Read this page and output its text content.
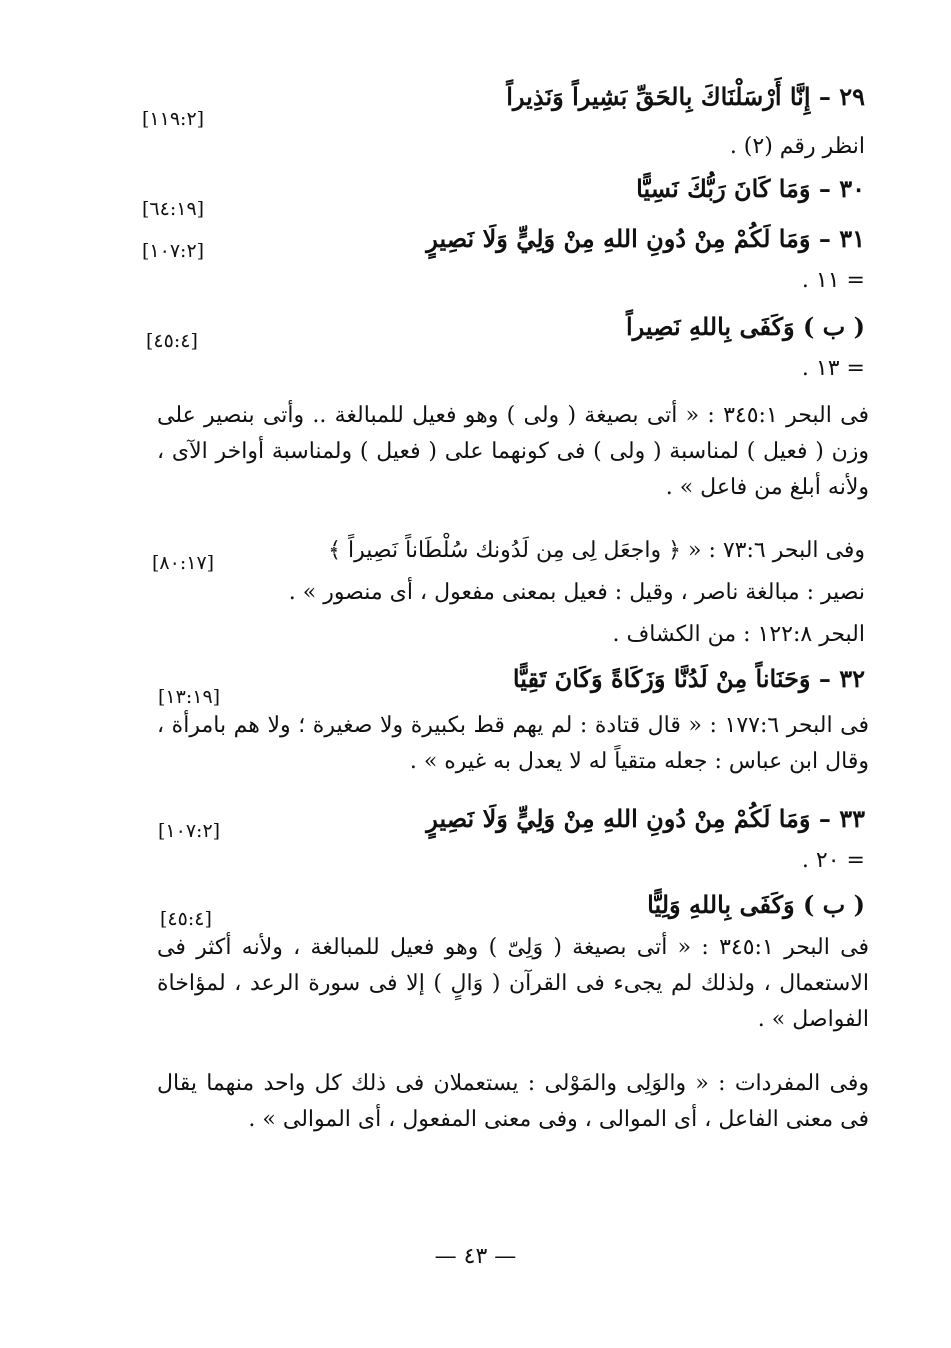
٢٩ – إِنَّا أَرْسَلْنَاكَ بِالحَقِّ بَشِيراً وَنَذِيراً
[١١٩:٢]
انظر رقم (٢) .
٣٠ – وَمَا كَانَ رَبُّكَ نَسِيًّا
[٦٤:١٩]
٣١ – وَمَا لَكُمْ مِنْ دُونِ اللهِ مِنْ وَلِيٍّ وَلَا نَصِيرٍ
[١٠٧:٢]
= ١١ .
( ب ) وَكَفَى بِاللهِ نَصِيراً
[٤٥:٤]
= ١٣ .
فى البحر ٣٤٥:١ : « أتى بصيغة ( ولى ) وهو فعيل للمبالغة .. وأتى بنصير على وزن ( فعيل ) لمناسبة ( ولى ) فى كونهما على ( فعيل ) ولمناسبة أواخر الآى ، ولأنه أبلغ من فاعل » .
وفى البحر ٧٣:٦ : « ﴿ واجعَل لِى مِن لَدُونك سُلْطَاناً نَصِيراً ﴾
[٨٠:١٧]
نصير : مبالغة ناصر ، وقيل : فعيل بمعنى مفعول ، أى منصور » .
البحر ١٢٢:٨ : من الكشاف .
٣٢ – وَحَنَاناً مِنْ لَدُنَّا وَزَكَاةً وَكَانَ تَقِيًّا
[١٣:١٩]
فى البحر ١٧٧:٦ : « قال قتادة : لم يهم قط بكبيرة ولا صغيرة ؛ ولا هم بامرأة ، وقال ابن عباس : جعله متقياً له لا يعدل به غيره » .
٣٣ – وَمَا لَكُمْ مِنْ دُونِ اللهِ مِنْ وَلِيٍّ وَلَا نَصِيرٍ
[١٠٧:٢]
= ٢٠ .
( ب ) وَكَفَى بِاللهِ وَلِيًّا
[٤٥:٤]
فى البحر ٣٤٥:١ : « أتى بصيغة ( وَلِىّ ) وهو فعيل للمبالغة ، ولأنه أكثر فى الاستعمال ، ولذلك لم يجىء فى القرآن ( وَالٍ ) إلا فى سورة الرعد ، لمؤاخاة الفواصل » .
وفى المفردات : « والوَلِى والمَوْلى : يستعملان فى ذلك كل واحد منهما يقال فى معنى الفاعل ، أى الموالى ، وفى معنى المفعول ، أى الموالى » .
— ٤٣ —
